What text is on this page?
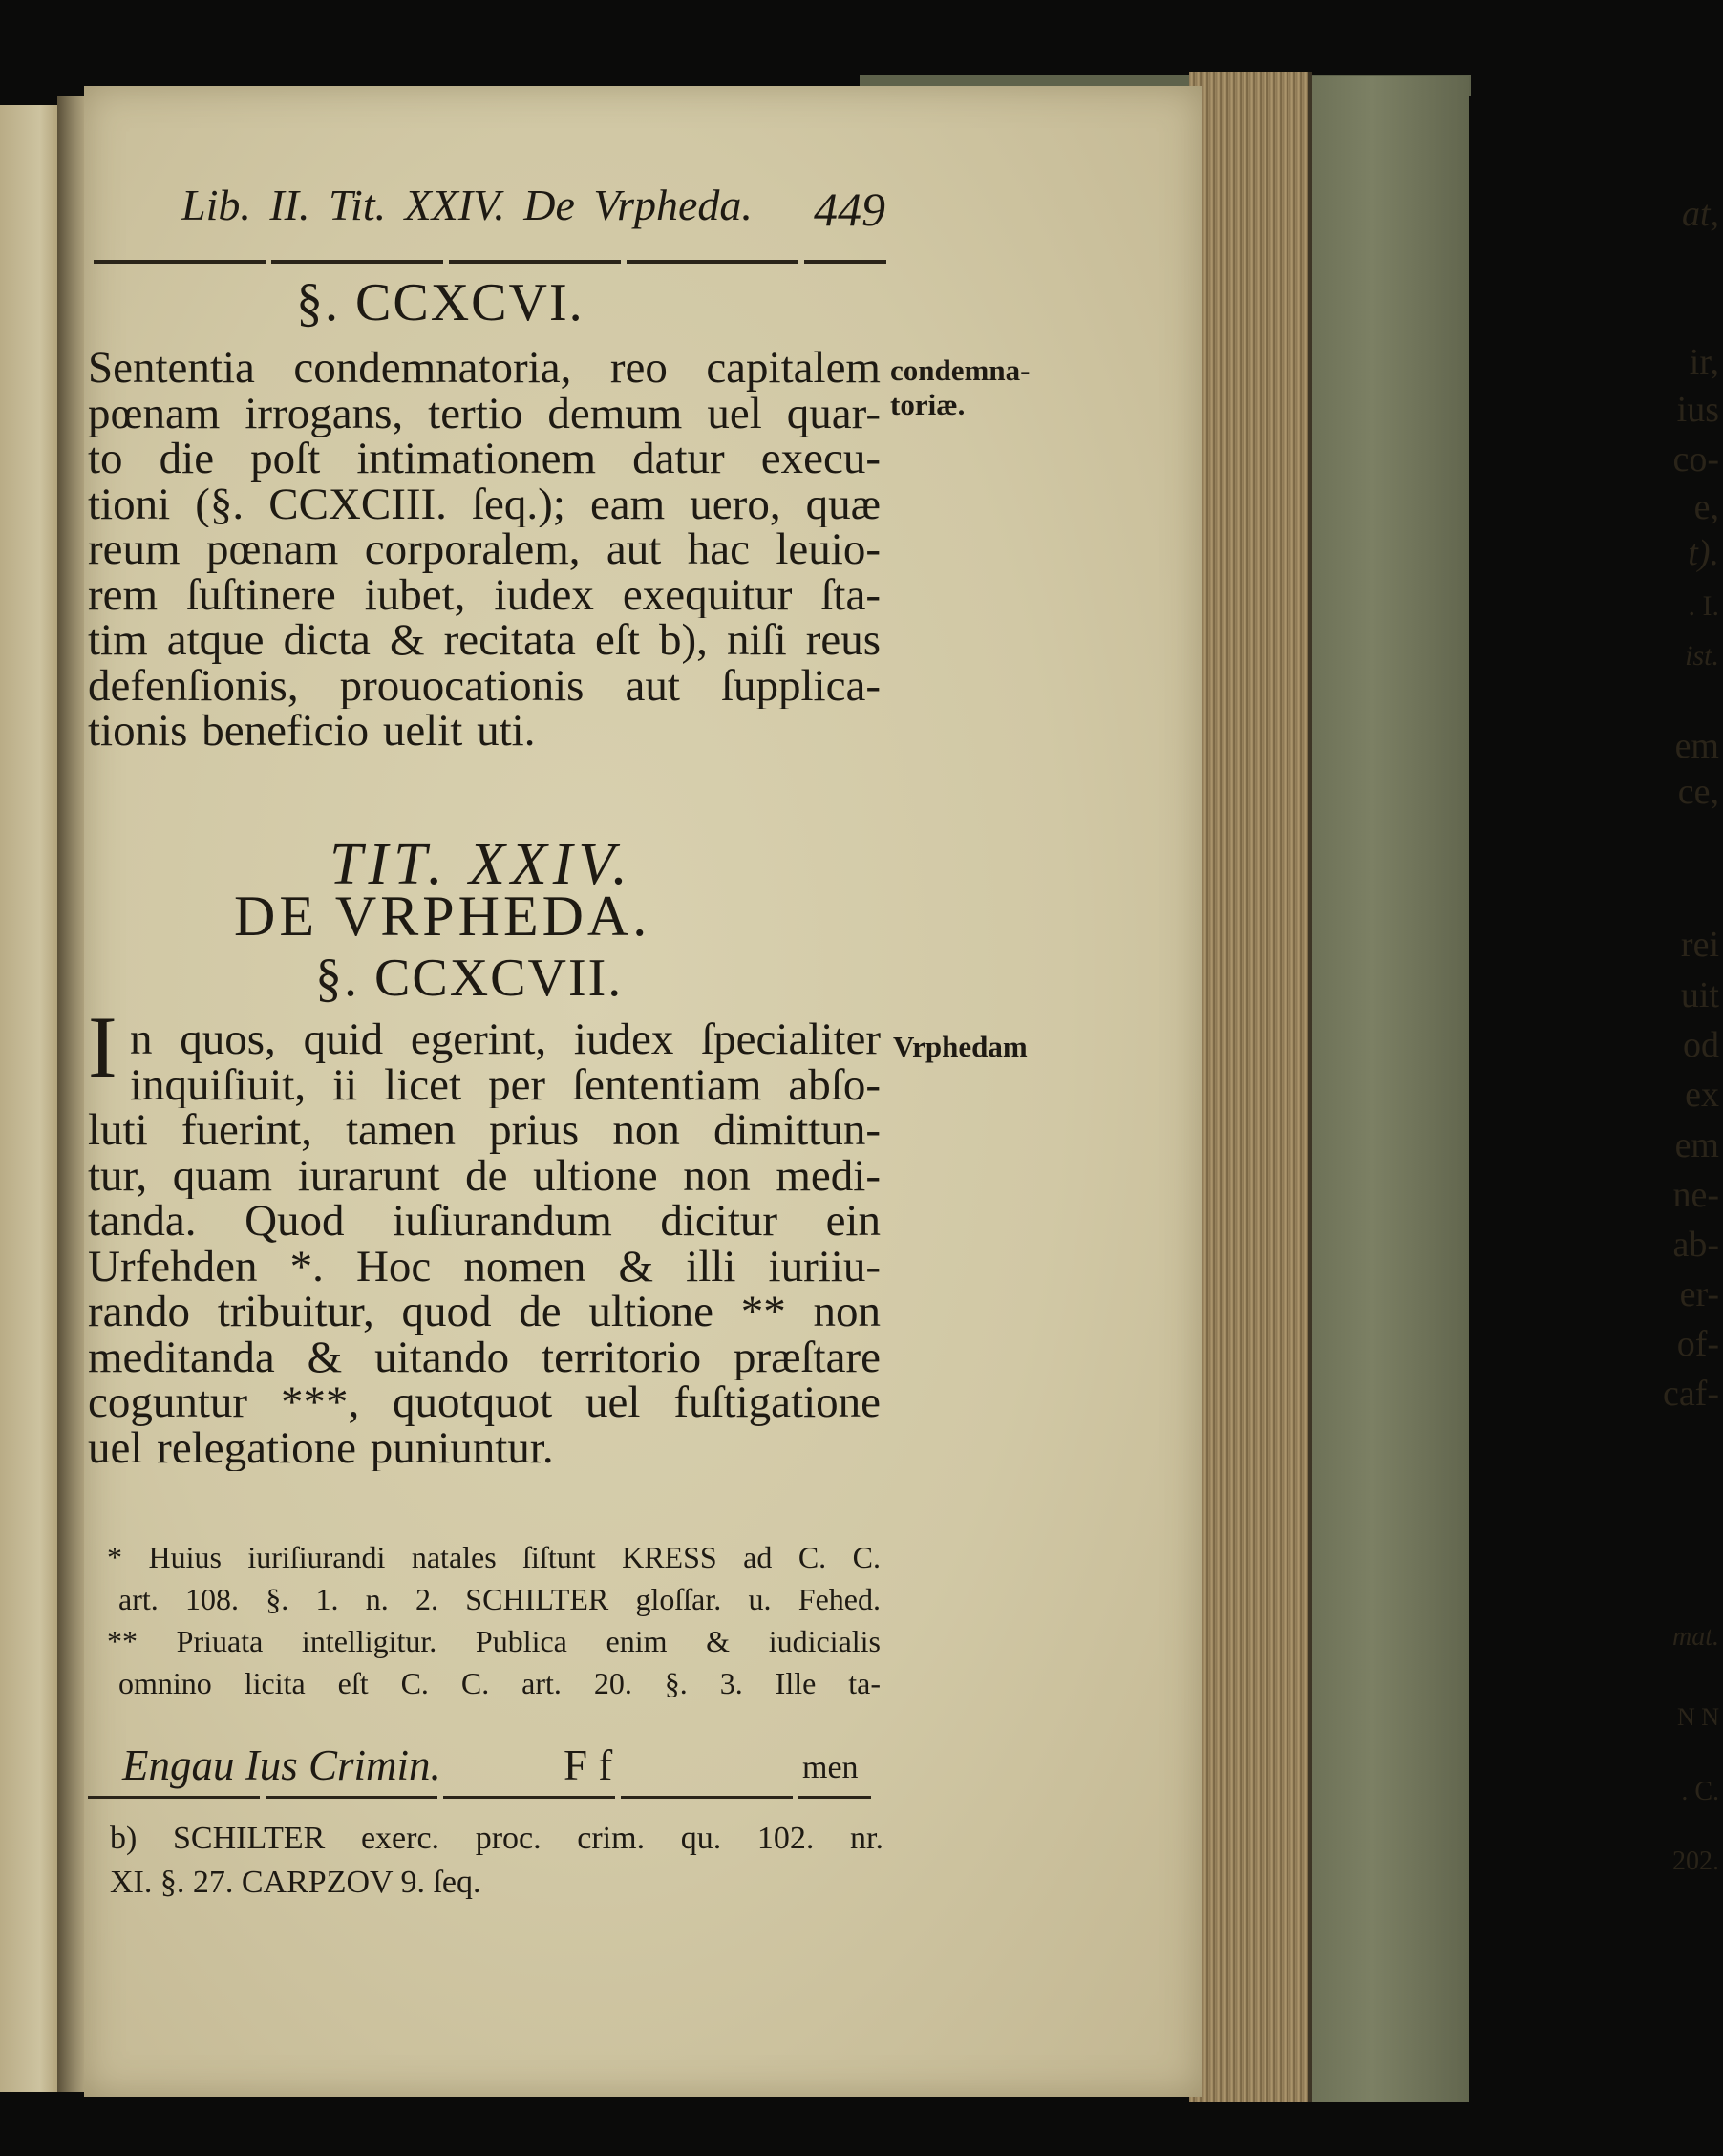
at,
ir,
ius
co-
e,
t).
. I.
ist.
em
ce,
rei
uit
od
ex
em
ne-
ab-
er-
of-
caf-
mat.
N N
. C.
202.
Lib. II. Tit. XXIV. De Vrpheda. 449
§. CCXCVI.
condemna-
toriæ.
Sententia condemnatoria, reo capitalem
pœnam irrogans, tertio demum uel quar-
to die poſt intimationem datur execu-
tioni (§. CCXCIII. ſeq.); eam uero, quæ
reum pœnam corporalem, aut hac leuio-
rem ſuſtinere iubet, iudex exequitur ſta-
tim atque dicta & recitata eſt b), niſi reus
defenſionis, prouocationis aut ſupplica-
tionis beneficio uelit uti.
TIT. XXIV.
DE VRPHEDA.
§. CCXCVII.
Vrphedam
I n quos, quid egerint, iudex ſpecialiter
inquiſiuit, ii licet per ſententiam abſo-
luti fuerint, tamen prius non dimittun-
tur, quam iurarunt de ultione non medi-
tanda. Quod iuſiurandum dicitur ein
Urfehden *. Hoc nomen & illi iuriiu-
rando tribuitur, quod de ultione ** non
meditanda & uitando territorio præſtare
coguntur ***, quotquot uel fuſtigatione
uel relegatione puniuntur.
* Huius iuriſiurandi natales ſiſtunt KRESS ad C. C.
art. 108. §. 1. n. 2. SCHILTER gloſſar. u. Fehed.
** Priuata intelligitur. Publica enim & iudicialis
omnino licita eſt C. C. art. 20. §. 3. Ille ta-
Engau Ius Crimin.	F f	men
b) SCHILTER exerc. proc. crim. qu. 102. nr.
XI. §. 27. CARPZOV 9. ſeq.
